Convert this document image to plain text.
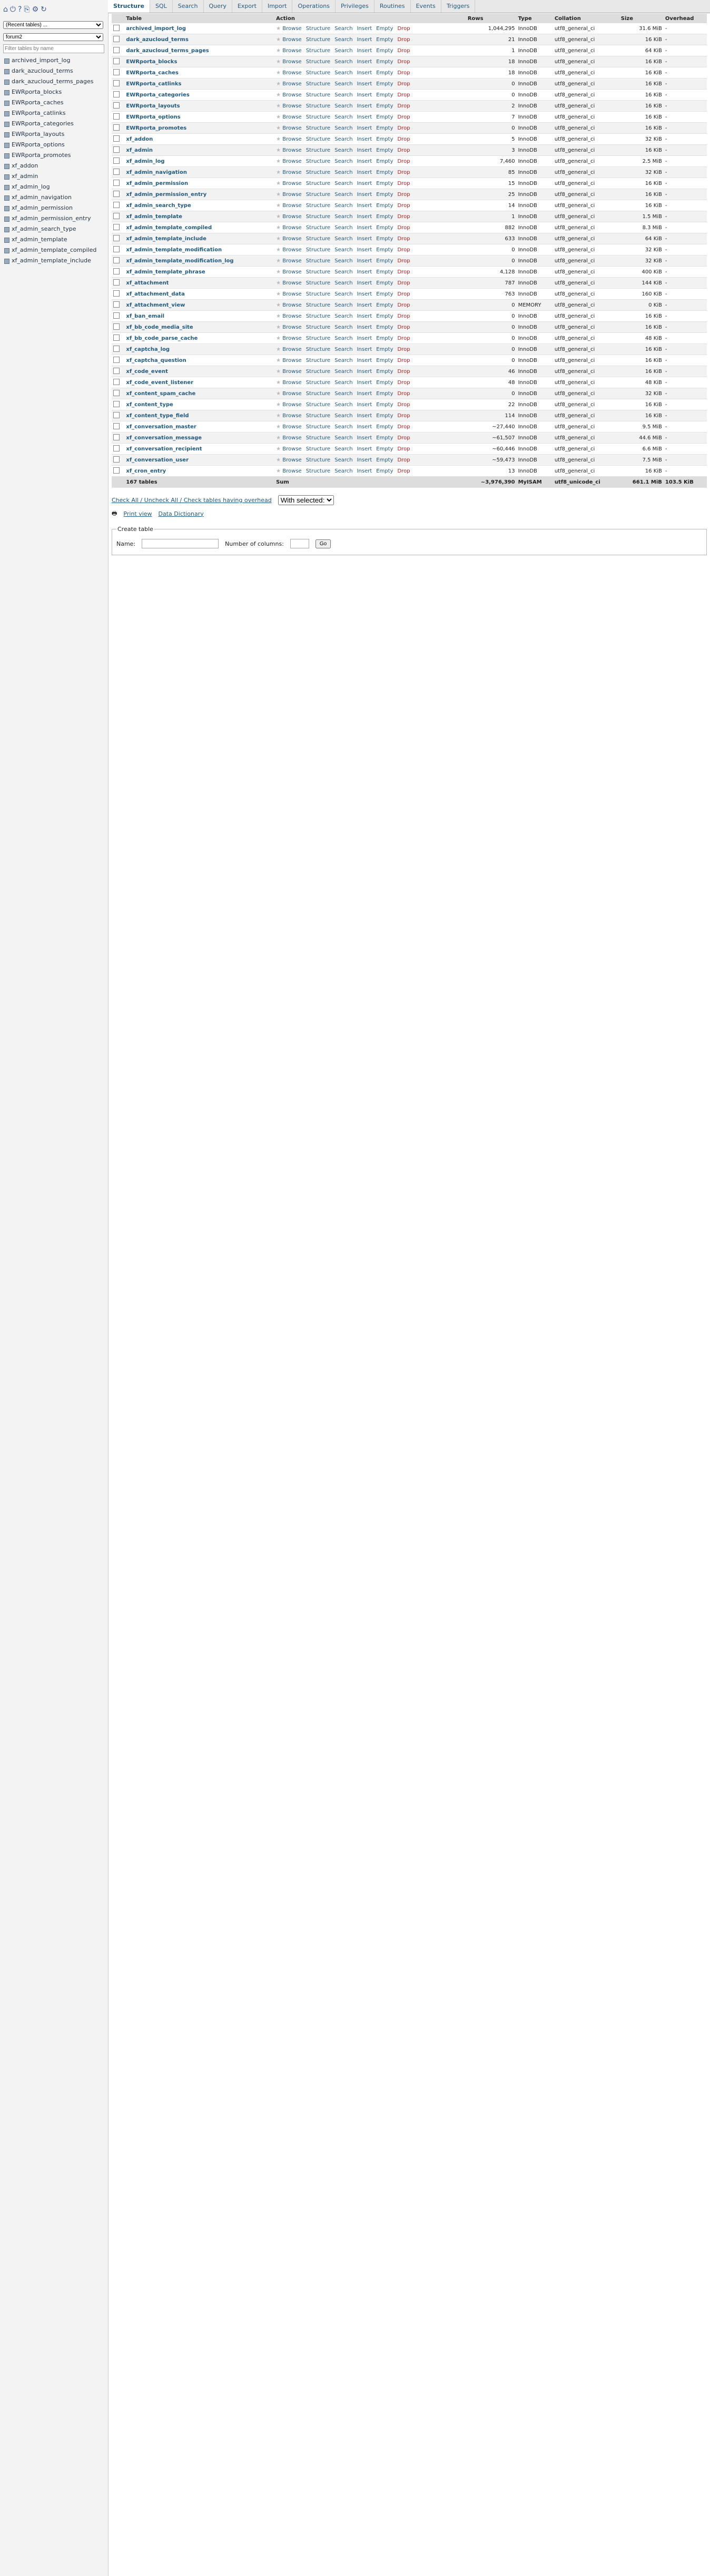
⌂ ⏻ ? ⎘ ⚙ ↻
(Recent tables) ...
forum2 Filter tables by name
archived_import_log
dark_azucloud_terms
dark_azucloud_terms_pages
EWRporta_blocks
EWRporta_caches
EWRporta_catlinks
EWRporta_categories
EWRporta_layouts
EWRporta_options
EWRporta_promotes
xf_addon
xf_admin
xf_admin_log
xf_admin_navigation
xf_admin_permission
xf_admin_permission_entry
xf_admin_search_type
xf_admin_template
xf_admin_template_compiled
xf_admin_template_include
Structure	SQL	Search	Query	Export	Import	Operations	Privileges	Routines	Events	Triggers
	Table	Action	Rows	Type	Collation	Size	Overhead
	archived_import_log	★ Browse Structure Search Insert Empty Drop	1,044,295	InnoDB	utf8_general_ci	31.6 MiB	-
	dark_azucloud_terms	★ Browse Structure Search Insert Empty Drop	21	InnoDB	utf8_general_ci	16 KiB	-
	dark_azucloud_terms_pages	★ Browse Structure Search Insert Empty Drop	1	InnoDB	utf8_general_ci	64 KiB	-
	EWRporta_blocks	★ Browse Structure Search Insert Empty Drop	18	InnoDB	utf8_general_ci	16 KiB	-
	EWRporta_caches	★ Browse Structure Search Insert Empty Drop	18	InnoDB	utf8_general_ci	16 KiB	-
	EWRporta_catlinks	★ Browse Structure Search Insert Empty Drop	0	InnoDB	utf8_general_ci	16 KiB	-
	EWRporta_categories	★ Browse Structure Search Insert Empty Drop	0	InnoDB	utf8_general_ci	16 KiB	-
	EWRporta_layouts	★ Browse Structure Search Insert Empty Drop	2	InnoDB	utf8_general_ci	16 KiB	-
	EWRporta_options	★ Browse Structure Search Insert Empty Drop	7	InnoDB	utf8_general_ci	16 KiB	-
	EWRporta_promotes	★ Browse Structure Search Insert Empty Drop	0	InnoDB	utf8_general_ci	16 KiB	-
	xf_addon	★ Browse Structure Search Insert Empty Drop	5	InnoDB	utf8_general_ci	32 KiB	-
	xf_admin	★ Browse Structure Search Insert Empty Drop	3	InnoDB	utf8_general_ci	16 KiB	-
	xf_admin_log	★ Browse Structure Search Insert Empty Drop	7,460	InnoDB	utf8_general_ci	2.5 MiB	-
	xf_admin_navigation	★ Browse Structure Search Insert Empty Drop	85	InnoDB	utf8_general_ci	32 KiB	-
	xf_admin_permission	★ Browse Structure Search Insert Empty Drop	15	InnoDB	utf8_general_ci	16 KiB	-
	xf_admin_permission_entry	★ Browse Structure Search Insert Empty Drop	25	InnoDB	utf8_general_ci	16 KiB	-
	xf_admin_search_type	★ Browse Structure Search Insert Empty Drop	14	InnoDB	utf8_general_ci	16 KiB	-
	xf_admin_template	★ Browse Structure Search Insert Empty Drop	1	InnoDB	utf8_general_ci	1.5 MiB	-
	xf_admin_template_compiled	★ Browse Structure Search Insert Empty Drop	882	InnoDB	utf8_general_ci	8.3 MiB	-
	xf_admin_template_include	★ Browse Structure Search Insert Empty Drop	633	InnoDB	utf8_general_ci	64 KiB	-
	xf_admin_template_modification	★ Browse Structure Search Insert Empty Drop	0	InnoDB	utf8_general_ci	32 KiB	-
	xf_admin_template_modification_log	★ Browse Structure Search Insert Empty Drop	0	InnoDB	utf8_general_ci	32 KiB	-
	xf_admin_template_phrase	★ Browse Structure Search Insert Empty Drop	4,128	InnoDB	utf8_general_ci	400 KiB	-
	xf_attachment	★ Browse Structure Search Insert Empty Drop	787	InnoDB	utf8_general_ci	144 KiB	-
	xf_attachment_data	★ Browse Structure Search Insert Empty Drop	763	InnoDB	utf8_general_ci	160 KiB	-
	xf_attachment_view	★ Browse Structure Search Insert Empty Drop	0	MEMORY	utf8_general_ci	0 KiB	-
	xf_ban_email	★ Browse Structure Search Insert Empty Drop	0	InnoDB	utf8_general_ci	16 KiB	-
	xf_bb_code_media_site	★ Browse Structure Search Insert Empty Drop	0	InnoDB	utf8_general_ci	16 KiB	-
	xf_bb_code_parse_cache	★ Browse Structure Search Insert Empty Drop	0	InnoDB	utf8_general_ci	48 KiB	-
	xf_captcha_log	★ Browse Structure Search Insert Empty Drop	0	InnoDB	utf8_general_ci	16 KiB	-
	xf_captcha_question	★ Browse Structure Search Insert Empty Drop	0	InnoDB	utf8_general_ci	16 KiB	-
	xf_code_event	★ Browse Structure Search Insert Empty Drop	46	InnoDB	utf8_general_ci	16 KiB	-
	xf_code_event_listener	★ Browse Structure Search Insert Empty Drop	48	InnoDB	utf8_general_ci	48 KiB	-
	xf_content_spam_cache	★ Browse Structure Search Insert Empty Drop	0	InnoDB	utf8_general_ci	32 KiB	-
	xf_content_type	★ Browse Structure Search Insert Empty Drop	22	InnoDB	utf8_general_ci	16 KiB	-
	xf_content_type_field	★ Browse Structure Search Insert Empty Drop	114	InnoDB	utf8_general_ci	16 KiB	-
	xf_conversation_master	★ Browse Structure Search Insert Empty Drop	~27,440	InnoDB	utf8_general_ci	9.5 MiB	-
	xf_conversation_message	★ Browse Structure Search Insert Empty Drop	~61,507	InnoDB	utf8_general_ci	44.6 MiB	-
	xf_conversation_recipient	★ Browse Structure Search Insert Empty Drop	~60,446	InnoDB	utf8_general_ci	6.6 MiB	-
	xf_conversation_user	★ Browse Structure Search Insert Empty Drop	~59,473	InnoDB	utf8_general_ci	7.5 MiB	-
	xf_cron_entry	★ Browse Structure Search Insert Empty Drop	13	InnoDB	utf8_general_ci	16 KiB	-
	167 tables	Sum	~3,976,390	MyISAM	utf8_unicode_ci	661.1 MiB	103.5 KiB
Check All / Uncheck All / Check tables having overhead
With selected:
🖶 Print view Data Dictionary
Create table
Name:	Number of columns:	Go
